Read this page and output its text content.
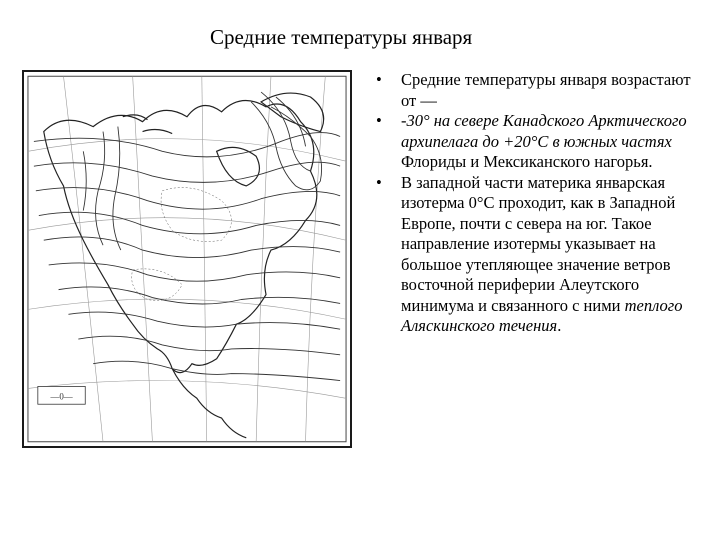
Средние температуры января
—0—
• Средние температуры января возрастают от —
• -30° на севере Канадского Арктического архипелага до +20°С в южных частях Флориды и Мексиканского нагорья.
• В западной части материка январская изотерма 0°С проходит, как в Западной Европе, почти с севера на юг. Такое направление изотермы указывает на большое утепляющее значение ветров восточной периферии Алеутского минимума и связанного с ними теплого Аляскинского течения.
